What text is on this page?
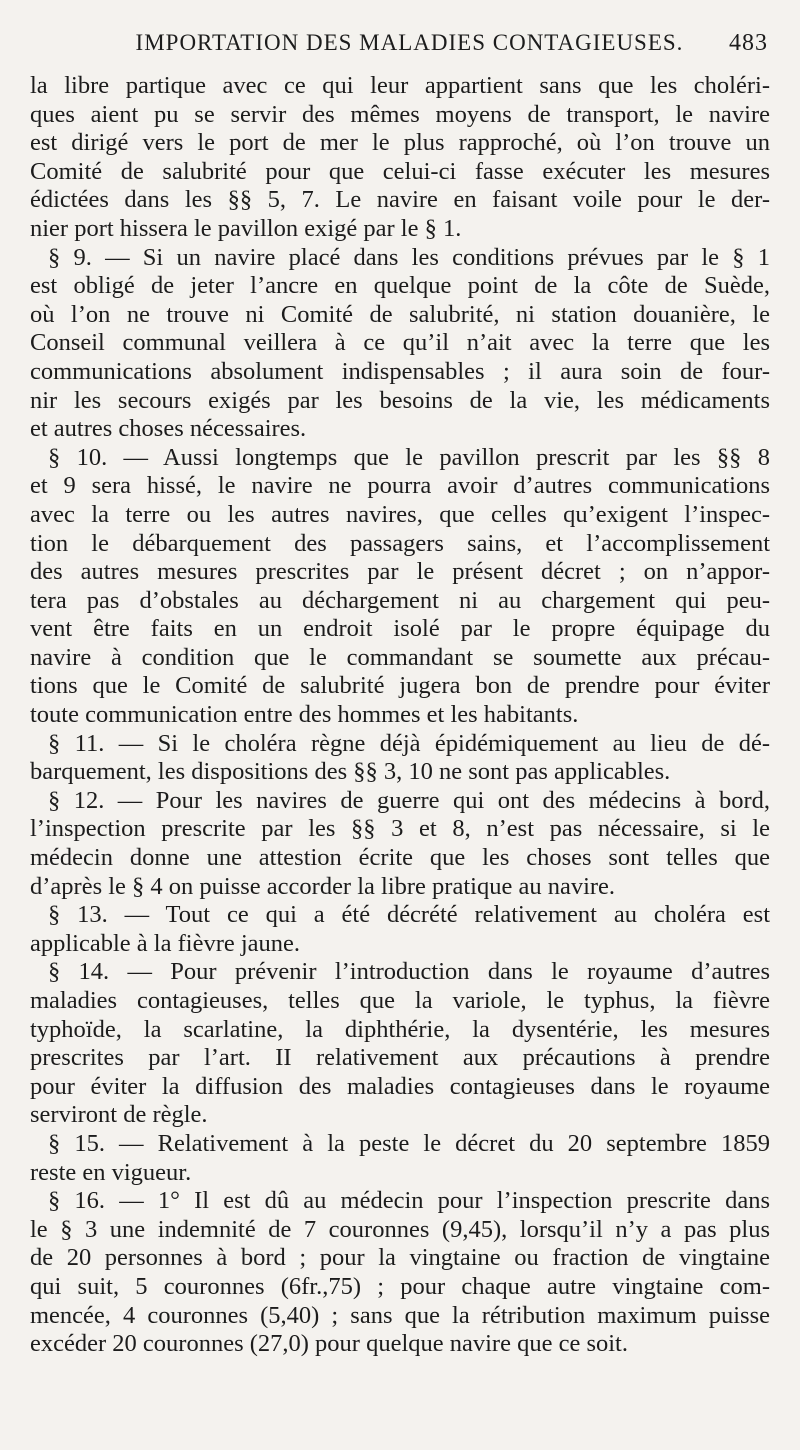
IMPORTATION DES MALADIES CONTAGIEUSES.	483
la libre partique avec ce qui leur appartient sans que les choléri-
ques aient pu se servir des mêmes moyens de transport, le navire
est dirigé vers le port de mer le plus rapproché, où l’on trouve un
Comité de salubrité pour que celui-ci fasse exécuter les mesures
édictées dans les §§ 5, 7. Le navire en faisant voile pour le der-
nier port hissera le pavillon exigé par le § 1.
§ 9. — Si un navire placé dans les conditions prévues par le § 1
est obligé de jeter l’ancre en quelque point de la côte de Suède,
où l’on ne trouve ni Comité de salubrité, ni station douanière, le
Conseil communal veillera à ce qu’il n’ait avec la terre que les
communications absolument indispensables ; il aura soin de four-
nir les secours exigés par les besoins de la vie, les médicaments
et autres choses nécessaires.
§ 10. — Aussi longtemps que le pavillon prescrit par les §§ 8
et 9 sera hissé, le navire ne pourra avoir d’autres communications
avec la terre ou les autres navires, que celles qu’exigent l’inspec-
tion le débarquement des passagers sains, et l’accomplissement
des autres mesures prescrites par le présent décret ; on n’appor-
tera pas d’obstales au déchargement ni au chargement qui peu-
vent être faits en un endroit isolé par le propre équipage du
navire à condition que le commandant se soumette aux précau-
tions que le Comité de salubrité jugera bon de prendre pour éviter
toute communication entre des hommes et les habitants.
§ 11. — Si le choléra règne déjà épidémiquement au lieu de dé-
barquement, les dispositions des §§ 3, 10 ne sont pas applicables.
§ 12. — Pour les navires de guerre qui ont des médecins à bord,
l’inspection prescrite par les §§ 3 et 8, n’est pas nécessaire, si le
médecin donne une attestion écrite que les choses sont telles que
d’après le § 4 on puisse accorder la libre pratique au navire.
§ 13. — Tout ce qui a été décrété relativement au choléra est
applicable à la fièvre jaune.
§ 14. — Pour prévenir l’introduction dans le royaume d’autres
maladies contagieuses, telles que la variole, le typhus, la fièvre
typhoïde, la scarlatine, la diphthérie, la dysentérie, les mesures
prescrites par l’art. II relativement aux précautions à prendre
pour éviter la diffusion des maladies contagieuses dans le royaume
serviront de règle.
§ 15. — Relativement à la peste le décret du 20 septembre 1859
reste en vigueur.
§ 16. — 1° Il est dû au médecin pour l’inspection prescrite dans
le § 3 une indemnité de 7 couronnes (9,45), lorsqu’il n’y a pas plus
de 20 personnes à bord ; pour la vingtaine ou fraction de vingtaine
qui suit, 5 couronnes (6fr.,75) ; pour chaque autre vingtaine com-
mencée, 4 couronnes (5,40) ; sans que la rétribution maximum puisse
excéder 20 couronnes (27,0) pour quelque navire que ce soit.
